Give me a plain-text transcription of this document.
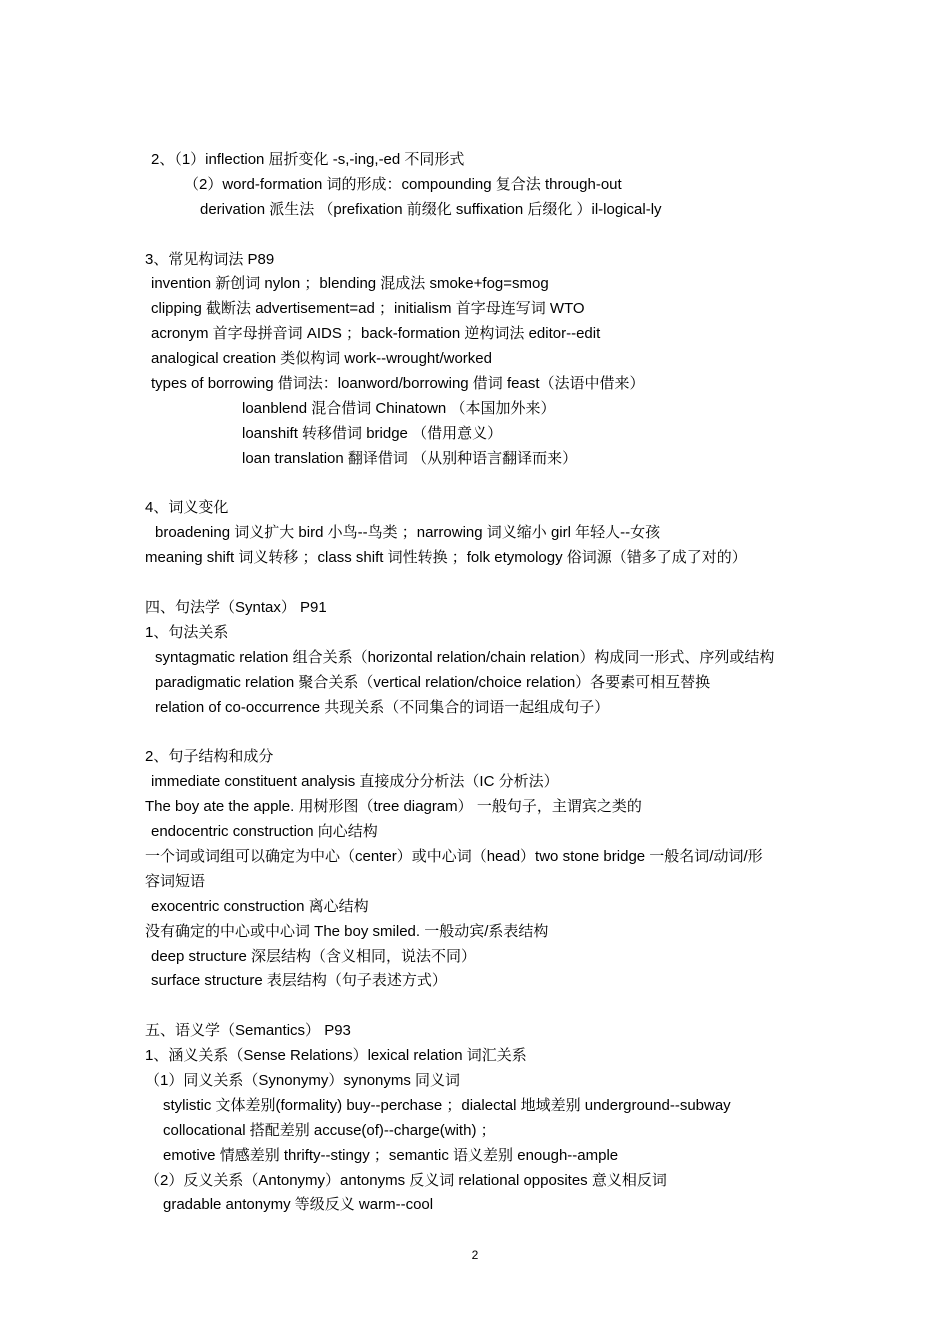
2、（1）inflection 屈折变化 -s,-ing,-ed 不同形式
（2）word-formation 词的形成：compounding 复合法 through-out
derivation 派生法 （prefixation 前缀化 suffixation 后缀化 ）il-logical-ly
3、常见构词法 P89
invention 新创词 nylon ；blending 混成法 smoke+fog=smog
clipping 截断法 advertisement=ad ；initialism 首字母连写词 WTO
acronym 首字母拼音词 AIDS ；back-formation 逆构词法 editor--edit
analogical creation 类似构词 work--wrought/worked
types of borrowing 借词法：loanword/borrowing 借词 feast（法语中借来）
loanblend 混合借词 Chinatown （本国加外来）
loanshift 转移借词 bridge （借用意义）
loan translation 翻译借词 （从别种语言翻译而来）
4、词义变化
broadening 词义扩大 bird 小鸟--鸟类 ；narrowing 词义缩小 girl 年轻人--女孩
meaning shift 词义转移 ；class shift 词性转换 ；folk etymology 俗词源（错多了成了对的）
四、句法学（Syntax） P91
1、句法关系
syntagmatic relation 组合关系（horizontal relation/chain relation）构成同一形式、序列或结构
paradigmatic relation 聚合关系（vertical relation/choice relation）各要素可相互替换
relation of co-occurrence 共现关系（不同集合的词语一起组成句子）
2、句子结构和成分
immediate constituent analysis 直接成分分析法（IC 分析法）
The boy ate the apple. 用树形图（tree diagram） 一般句子，主谓宾之类的
endocentric construction 向心结构
一个词或词组可以确定为中心（center）或中心词（head）two stone bridge 一般名词/动词/形
容词短语
exocentric construction 离心结构
没有确定的中心或中心词 The boy smiled. 一般动宾/系表结构
deep structure 深层结构（含义相同，说法不同）
surface structure 表层结构（句子表述方式）
五、语义学（Semantics） P93
1、涵义关系（Sense Relations）lexical relation 词汇关系
（1）同义关系（Synonymy）synonyms 同义词
stylistic 文体差别(formality) buy--perchase ；dialectal 地域差别 underground--subway
collocational 搭配差别 accuse(of)--charge(with) ；
emotive 情感差别 thrifty--stingy ；semantic 语义差别 enough--ample
（2）反义关系（Antonymy）antonyms 反义词 relational opposites 意义相反词
gradable antonymy 等级反义 warm--cool
2
